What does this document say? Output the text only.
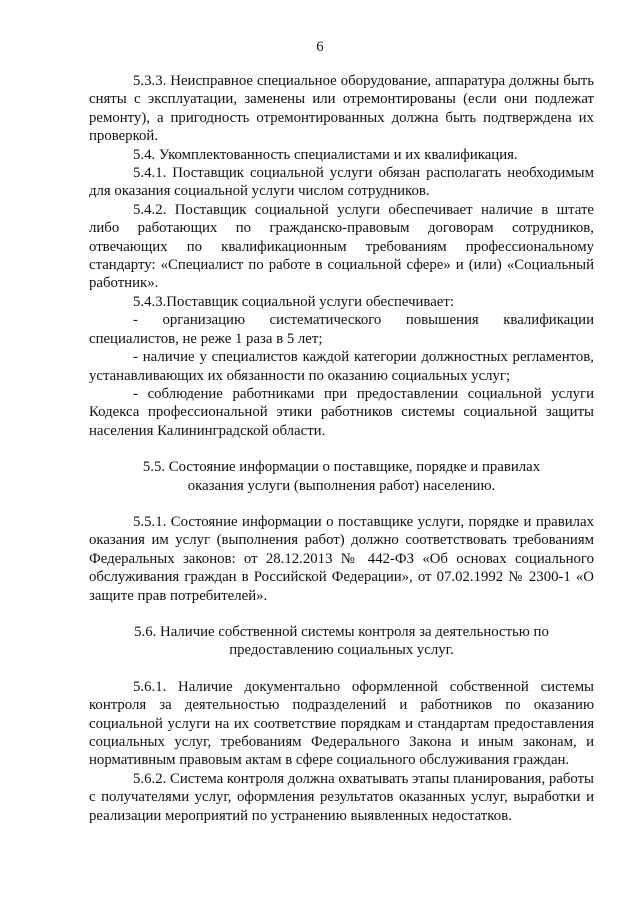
6

5.3.3. Неисправное специальное оборудование, аппаратура должны быть сняты с эксплуатации, заменены или отремонтированы (если они подлежат ремонту), а пригодность отремонтированных должна быть подтверждена их проверкой.

5.4. Укомплектованность специалистами и их квалификация.

5.4.1. Поставщик социальной услуги обязан располагать необходимым для оказания социальной услуги числом сотрудников.

5.4.2. Поставщик социальной услуги обеспечивает наличие в штате либо работающих по гражданско-правовым договорам сотрудников, отвечающих по квалификационным требованиям профессиональному стандарту: «Специалист по работе в социальной сфере» и (или) «Социальный работник».

5.4.3.Поставщик социальной услуги обеспечивает:

- организацию систематического повышения квалификации специалистов, не реже 1 раза в 5 лет;

- наличие у специалистов каждой категории должностных регламентов, устанавливающих их обязанности по оказанию социальных услуг;

- соблюдение работниками при предоставлении социальной услуги Кодекса профессиональной этики работников системы социальной защиты населения Калининградской области.

5.5. Состояние информации о поставщике, порядке и правилах

оказания услуги (выполнения работ) населению.

5.5.1. Состояние информации о поставщике услуги, порядке и правилах оказания им услуг (выполнения работ) должно соответствовать требованиям Федеральных законов: от 28.12.2013 № 442-ФЗ «Об основах социального обслуживания граждан в Российской Федерации», от 07.02.1992 № 2300-1 «О защите прав потребителей».

5.6. Наличие собственной системы контроля за деятельностью по

предоставлению социальных услуг.

5.6.1. Наличие документально оформленной собственной системы контроля за деятельностью подразделений и работников по оказанию социальной услуги на их соответствие порядкам и стандартам предоставления социальных услуг, требованиям Федерального Закона и иным законам, и нормативным правовым актам в сфере социального обслуживания граждан.

5.6.2. Система контроля должна охватывать этапы планирования, работы с получателями услуг, оформления результатов оказанных услуг, выработки и реализации мероприятий по устранению выявленных недостатков.
